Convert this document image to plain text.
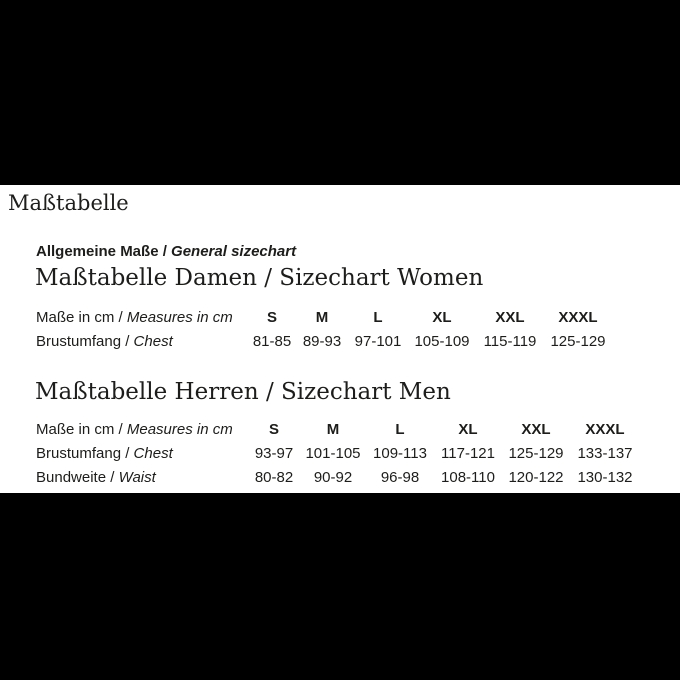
Maßtabelle
Allgemeine Maße / General sizechart
Maßtabelle Damen / Sizechart Women
Maße in cm / Measures in cm	S	M	L	XL	XXL	XXXL
Brustumfang / Chest	81-85	89-93	97-101	105-109	115-119	125-129
Maßtabelle Herren / Sizechart Men
Maße in cm / Measures in cm	S	M	L	XL	XXL	XXXL
Brustumfang / Chest	93-97	101-105	109-113	117-121	125-129	133-137
Bundweite / Waist	80-82	90-92	96-98	108-110	120-122	130-132
